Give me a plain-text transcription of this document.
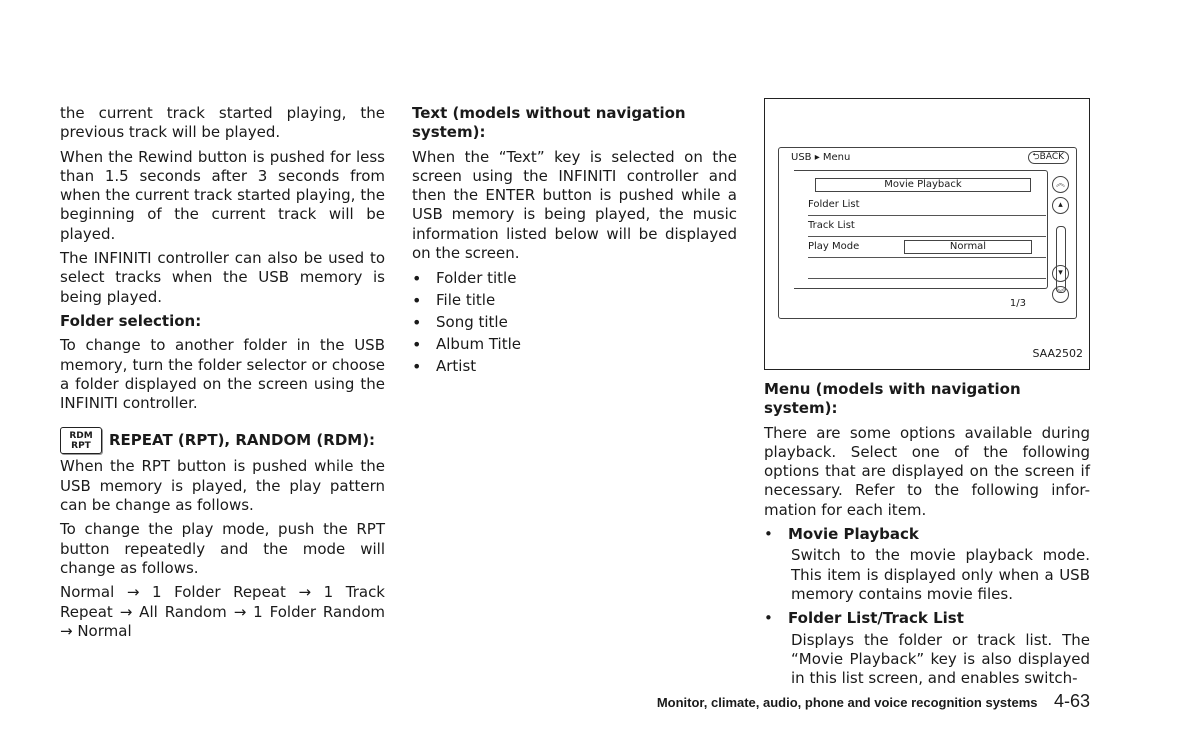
the current track started playing, the previous track will be played.

When the Rewind button is pushed for less than 1.5 seconds after 3 seconds from when the current track started playing, the beginning of the current track will be played.

The INFINITI controller can also be used to select tracks when the USB memory is being played.

Folder selection:

To change to another folder in the USB memory, turn the folder selector or choose a folder displayed on the screen using the INFINITI controller.

RDM
RPT REPEAT (RPT), RANDOM (RDM):

When the RPT button is pushed while the USB memory is played, the play pattern can be change as follows.

To change the play mode, push the RPT button repeatedly and the mode will change as follows.

Normal → 1 Folder Repeat → 1 Track Repeat → All Random → 1 Folder Random → Normal

Text (models without navigation system):

When the “Text” key is selected on the screen using the INFINITI controller and then the ENTER button is pushed while a USB memory is being played, the music information listed below will be displayed on the screen.

• Folder title
• File title
• Song title
• Album Title
• Artist
USB ▸ Menu	⮌BACK
Movie Playback
Folder List
Track List
Play Mode	Normal
︽
▴
▾
︾
1/3
SAA2502

Menu (models with navigation system):

There are some options available during playback. Select one of the following options that are displayed on the screen if necessary. Refer to the following infor-mation for each item.

• Movie Playback
Switch to the movie playback mode. This item is displayed only when a USB memory contains movie files.
• Folder List/Track List
Displays the folder or track list. The “Movie Playback” key is also displayed in this list screen, and enables switch-
Monitor, climate, audio, phone and voice recognition systems 4-63
